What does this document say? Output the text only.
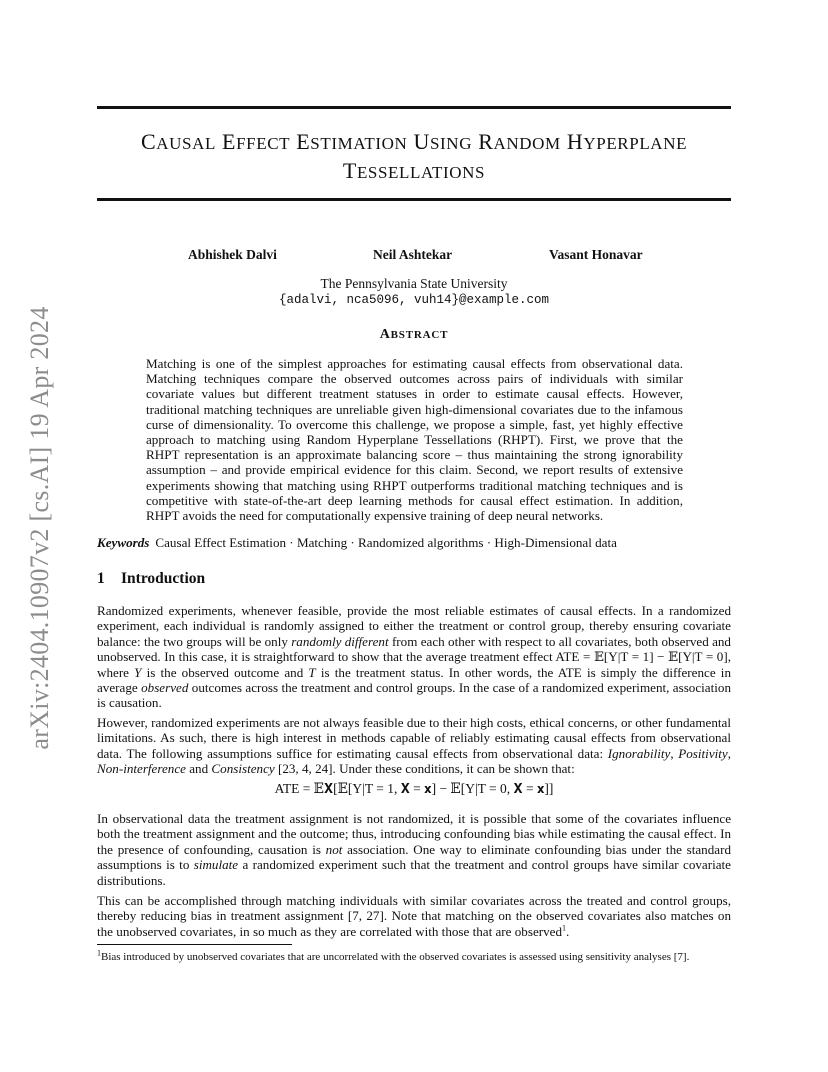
arXiv:2404.10907v2 [cs.AI] 19 Apr 2024
CAUSAL EFFECT ESTIMATION USING RANDOM HYPERPLANE
TESSELLATIONS
Abhishek Dalvi	Neil Ashtekar	Vasant Honavar
The Pennsylvania State University
{adalvi, nca5096, vuh14}@example.com
ABSTRACT

Matching is one of the simplest approaches for estimating causal effects from observational data. Matching techniques compare the observed outcomes across pairs of individuals with similar covariate values but different treatment statuses in order to estimate causal effects. However, traditional matching techniques are unreliable given high-dimensional covariates due to the infamous curse of dimensionality. To overcome this challenge, we propose a simple, fast, yet highly effective approach to matching using Random Hyperplane Tessellations (RHPT). First, we prove that the RHPT representation is an approximate balancing score – thus maintaining the strong ignorability assumption – and provide empirical evidence for this claim. Second, we report results of extensive experiments showing that matching using RHPT outperforms traditional matching techniques and is competitive with state-of-the-art deep learning methods for causal effect estimation. In addition, RHPT avoids the need for computationally expensive training of deep neural networks.

Keywords Causal Effect Estimation · Matching · Randomized algorithms · High-Dimensional data
1 Introduction

Randomized experiments, whenever feasible, provide the most reliable estimates of causal effects. In a randomized experiment, each individual is randomly assigned to either the treatment or control group, thereby ensuring covariate balance: the two groups will be only randomly different from each other with respect to all covariates, both observed and unobserved. In this case, it is straightforward to show that the average treatment effect ATE = 𝔼[Y|T = 1] − 𝔼[Y|T = 0], where Y is the observed outcome and T is the treatment status. In other words, the ATE is simply the difference in average observed outcomes across the treatment and control groups. In the case of a randomized experiment, association is causation.

However, randomized experiments are not always feasible due to their high costs, ethical concerns, or other fundamental limitations. As such, there is high interest in methods capable of reliably estimating causal effects from observational data. The following assumptions suffice for estimating causal effects from observational data: Ignorability, Positivity, Non-interference and Consistency [23, 4, 24]. Under these conditions, it can be shown that:

ATE = 𝔼𝐗[𝔼[Y|T = 1, 𝐗 = 𝐱] − 𝔼[Y|T = 0, 𝐗 = 𝐱]]

In observational data the treatment assignment is not randomized, it is possible that some of the covariates influence both the treatment assignment and the outcome; thus, introducing confounding bias while estimating the causal effect. In the presence of confounding, causation is not association. One way to eliminate confounding bias under the standard assumptions is to simulate a randomized experiment such that the treatment and control groups have similar covariate distributions.

This can be accomplished through matching individuals with similar covariates across the treated and control groups, thereby reducing bias in treatment assignment [7, 27]. Note that matching on the observed covariates also matches on the unobserved covariates, in so much as they are correlated with those that are observed$^1$.

$^1$Bias introduced by unobserved covariates that are uncorrelated with the observed covariates is assessed using sensitivity analyses [7].
